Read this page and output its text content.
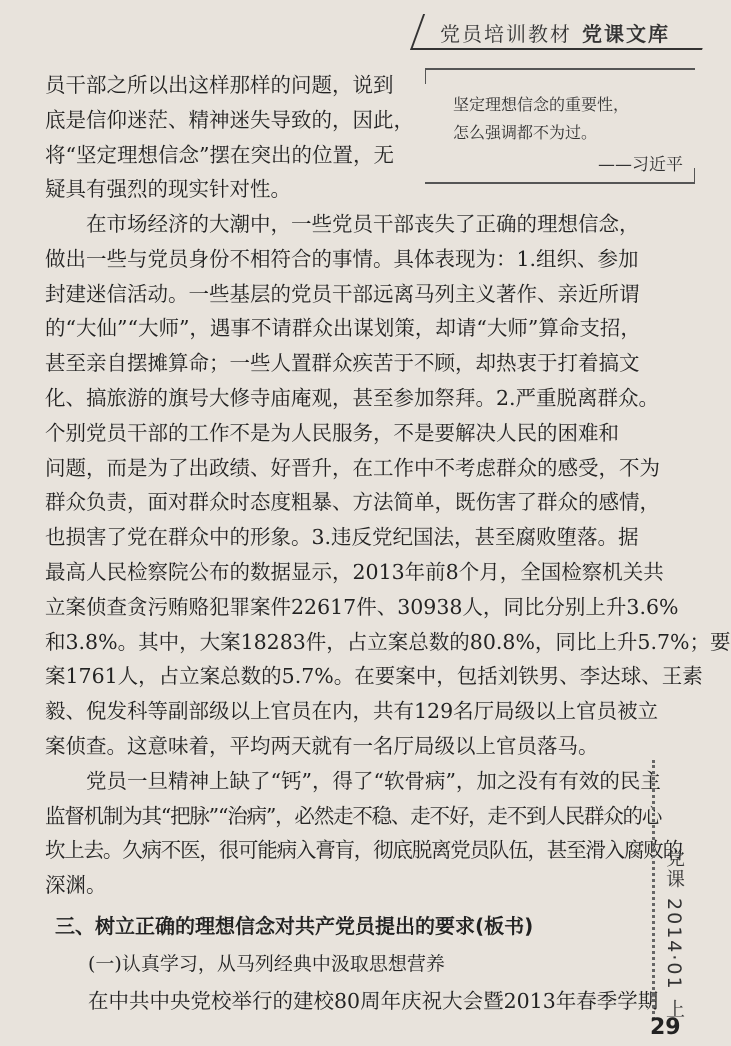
党员培训教材 党课文库
坚定理想信念的重要性，
怎么强调都不为过。
——习近平
员干部之所以出这样那样的问题，说到
底是信仰迷茫、精神迷失导致的，因此，
将“坚定理想信念”摆在突出的位置，无
疑具有强烈的现实针对性。
　　在市场经济的大潮中，一些党员干部丧失了正确的理想信念，
做出一些与党员身份不相符合的事情。具体表现为：1.组织、参加
封建迷信活动。一些基层的党员干部远离马列主义著作、亲近所谓
的“大仙”“大师”，遇事不请群众出谋划策，却请“大师”算命支招，
甚至亲自摆摊算命；一些人置群众疾苦于不顾，却热衷于打着搞文
化、搞旅游的旗号大修寺庙庵观，甚至参加祭拜。2.严重脱离群众。
个别党员干部的工作不是为人民服务，不是要解决人民的困难和
问题，而是为了出政绩、好晋升，在工作中不考虑群众的感受，不为
群众负责，面对群众时态度粗暴、方法简单，既伤害了群众的感情，
也损害了党在群众中的形象。3.违反党纪国法，甚至腐败堕落。据
最高人民检察院公布的数据显示，2013年前8个月，全国检察机关共
立案侦查贪污贿赂犯罪案件22617件、30938人，同比分别上升3.6%
和3.8%。其中，大案18283件，占立案总数的80.8%，同比上升5.7%；要
案1761人，占立案总数的5.7%。在要案中，包括刘铁男、李达球、王素
毅、倪发科等副部级以上官员在内，共有129名厅局级以上官员被立
案侦查。这意味着，平均两天就有一名厅局级以上官员落马。
　　党员一旦精神上缺了“钙”，得了“软骨病”，加之没有有效的民主
监督机制为其“把脉”“治病”，必然走不稳、走不好，走不到人民群众的心
坎上去。久病不医，很可能病入膏肓，彻底脱离党员队伍，甚至滑入腐败的
深渊。
三、树立正确的理想信念对共产党员提出的要求(板书)
(一)认真学习，从马列经典中汲取思想营养
在中共中央党校举行的建校80周年庆祝大会暨2013年春季学期 党课 2014·01 上
29
